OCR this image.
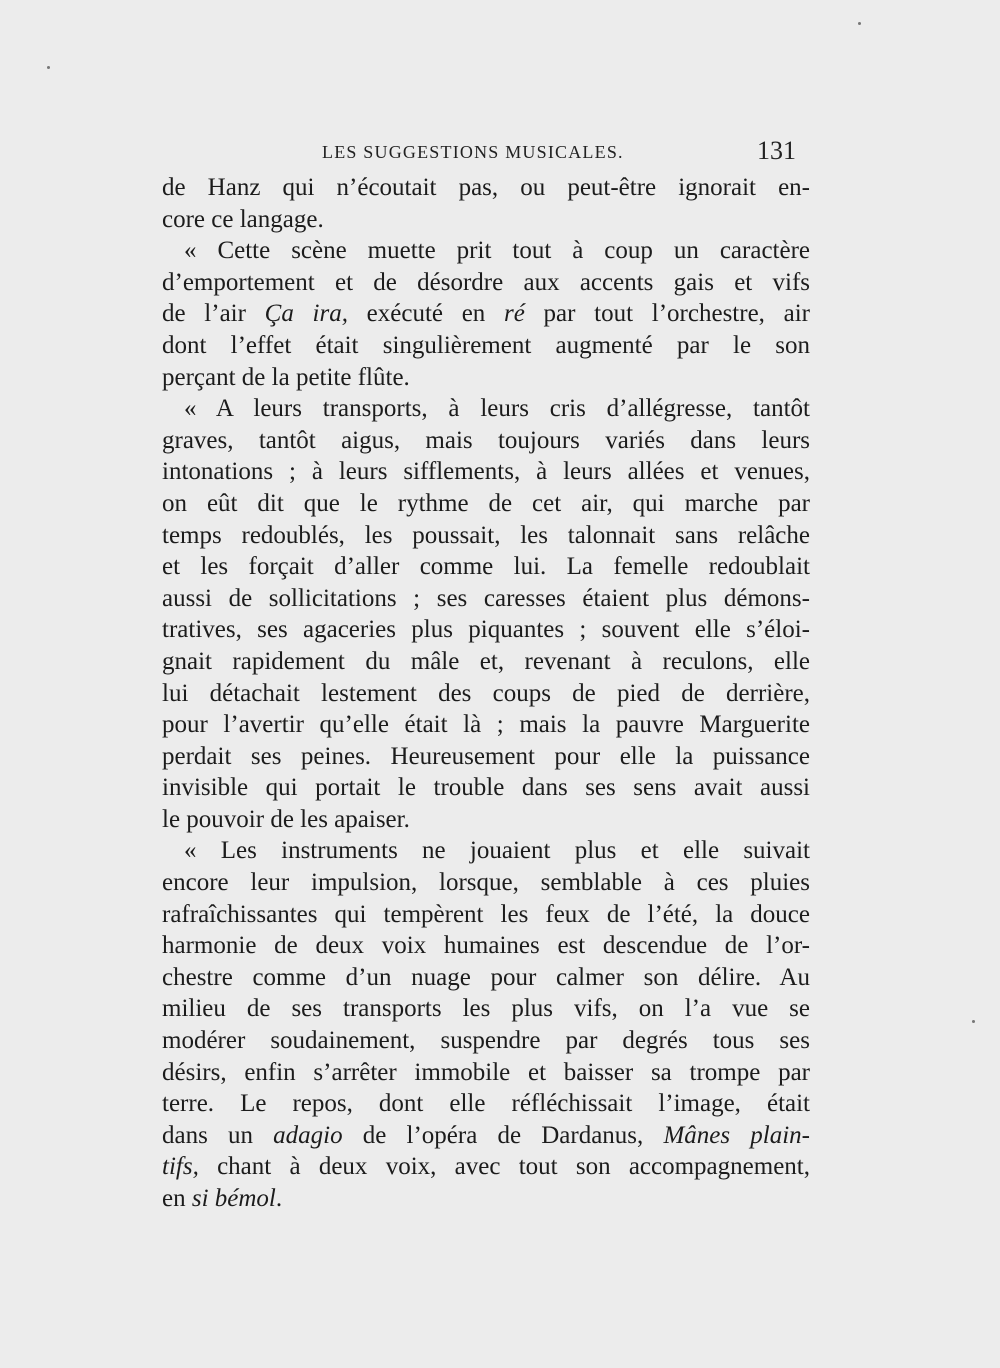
LES SUGGESTIONS MUSICALES.	131
de Hanz qui n’écoutait pas, ou peut-être ignorait en-
core ce langage.
« Cette scène muette prit tout à coup un caractère
d’emportement et de désordre aux accents gais et vifs
de l’air Ça ira, exécuté en ré par tout l’orchestre, air
dont l’effet était singulièrement augmenté par le son
perçant de la petite flûte.
« A leurs transports, à leurs cris d’allégresse, tantôt
graves, tantôt aigus, mais toujours variés dans leurs
intonations ; à leurs sifflements, à leurs allées et venues,
on eût dit que le rythme de cet air, qui marche par
temps redoublés, les poussait, les talonnait sans relâche
et les forçait d’aller comme lui. La femelle redoublait
aussi de sollicitations ; ses caresses étaient plus démons-
tratives, ses agaceries plus piquantes ; souvent elle s’éloi-
gnait rapidement du mâle et, revenant à reculons, elle
lui détachait lestement des coups de pied de derrière,
pour l’avertir qu’elle était là ; mais la pauvre Marguerite
perdait ses peines. Heureusement pour elle la puissance
invisible qui portait le trouble dans ses sens avait aussi
le pouvoir de les apaiser.
« Les instruments ne jouaient plus et elle suivait
encore leur impulsion, lorsque, semblable à ces pluies
rafraîchissantes qui tempèrent les feux de l’été, la douce
harmonie de deux voix humaines est descendue de l’or-
chestre comme d’un nuage pour calmer son délire. Au
milieu de ses transports les plus vifs, on l’a vue se
modérer soudainement, suspendre par degrés tous ses
désirs, enfin s’arrêter immobile et baisser sa trompe par
terre. Le repos, dont elle réfléchissait l’image, était
dans un adagio de l’opéra de Dardanus, Mânes plain-
tifs, chant à deux voix, avec tout son accompagnement,
en si bémol.
